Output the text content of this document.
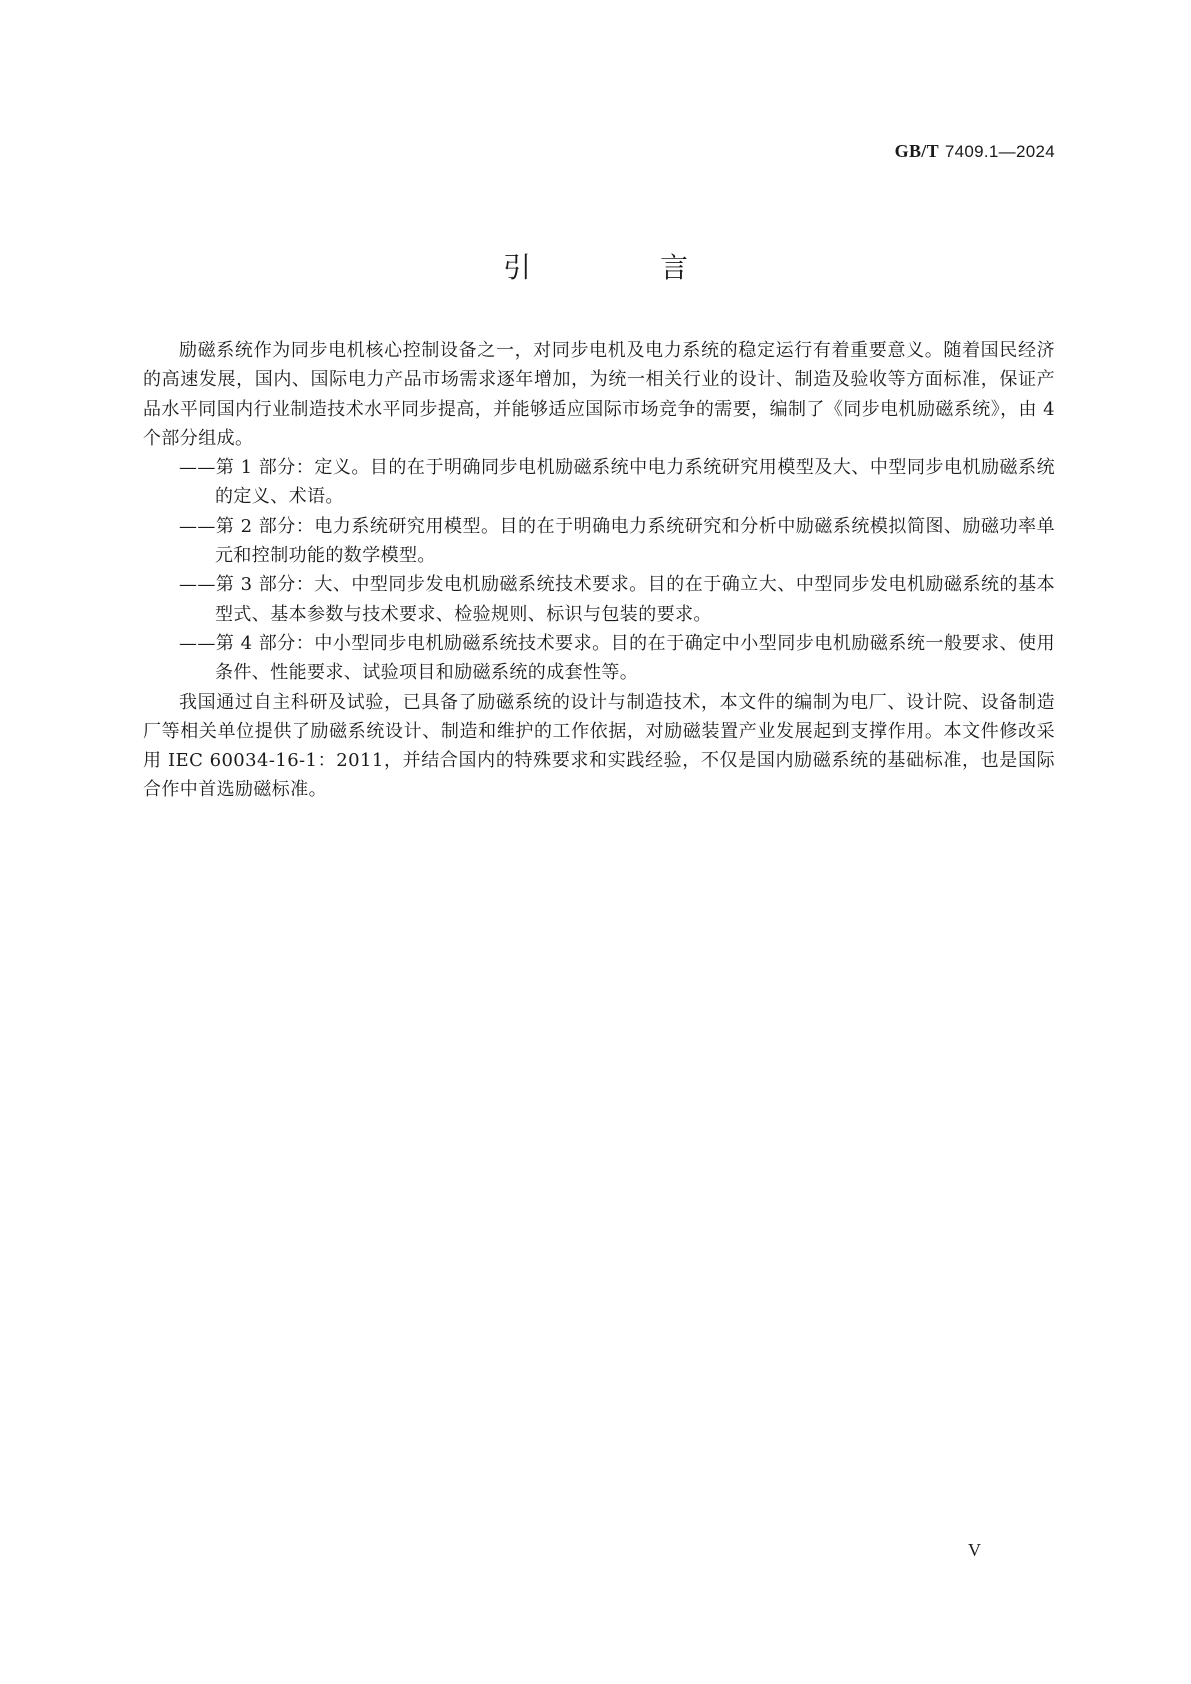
GB/T 7409.1—2024
引 言

励磁系统作为同步电机核心控制设备之一，对同步电机及电力系统的稳定运行有着重要意义。随着国民经济的高速发展，国内、国际电力产品市场需求逐年增加，为统一相关行业的设计、制造及验收等方面标准，保证产品水平同国内行业制造技术水平同步提高，并能够适应国际市场竞争的需要，编制了《同步电机励磁系统》，由 4 个部分组成。

——第 1 部分：定义。目的在于明确同步电机励磁系统中电力系统研究用模型及大、中型同步电机励磁系统的定义、术语。

——第 2 部分：电力系统研究用模型。目的在于明确电力系统研究和分析中励磁系统模拟简图、励磁功率单元和控制功能的数学模型。

——第 3 部分：大、中型同步发电机励磁系统技术要求。目的在于确立大、中型同步发电机励磁系统的基本型式、基本参数与技术要求、检验规则、标识与包装的要求。

——第 4 部分：中小型同步电机励磁系统技术要求。目的在于确定中小型同步电机励磁系统一般要求、使用条件、性能要求、试验项目和励磁系统的成套性等。

我国通过自主科研及试验，已具备了励磁系统的设计与制造技术，本文件的编制为电厂、设计院、设备制造厂等相关单位提供了励磁系统设计、制造和维护的工作依据，对励磁装置产业发展起到支撑作用。本文件修改采用 IEC 60034-16-1：2011，并结合国内的特殊要求和实践经验，不仅是国内励磁系统的基础标准，也是国际合作中首选励磁标准。

V
